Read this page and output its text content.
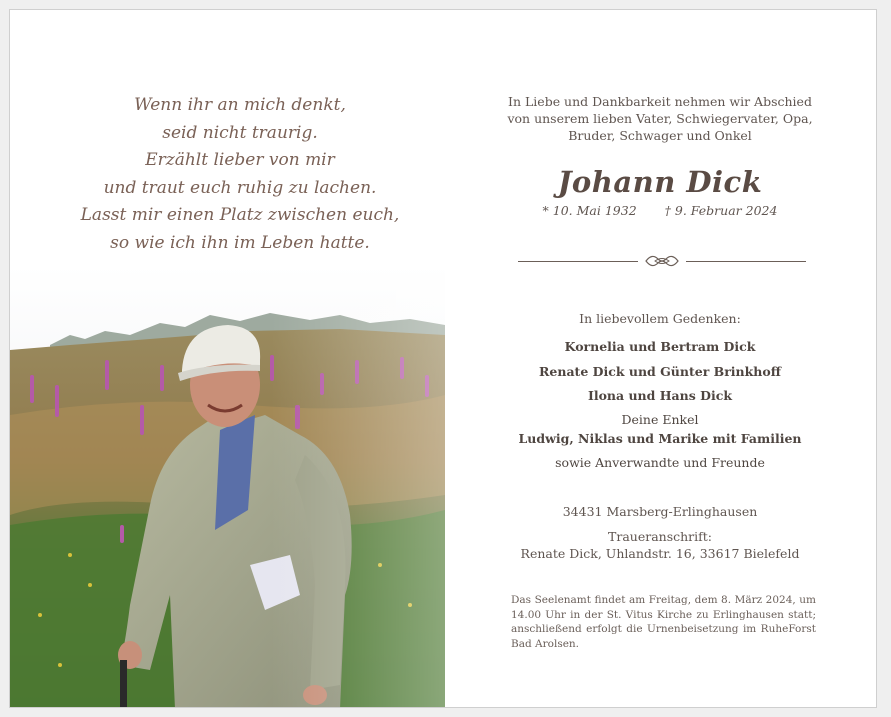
Wenn ihr an mich denkt,
seid nicht traurig.
Erzählt lieber von mir
und traut euch ruhig zu lachen.
Lasst mir einen Platz zwischen euch,
so wie ich ihn im Leben hatte.
In Liebe und Dankbarkeit nehmen wir Abschied
von unserem lieben Vater, Schwiegervater, Opa,
Bruder, Schwager und Onkel
Johann Dick
* 10. Mai 1932 † 9. Februar 2024
In liebevollem Gedenken:
Kornelia und Bertram Dick
Renate Dick und Günter Brinkhoff
Ilona und Hans Dick
Deine Enkel
Ludwig, Niklas und Marike mit Familien
sowie Anverwandte und Freunde
34431 Marsberg-Erlinghausen
Traueranschrift:
Renate Dick, Uhlandstr. 16, 33617 Bielefeld
Das Seelenamt findet am Freitag, dem 8. März 2024, um 14.00 Uhr in der St. Vitus Kirche zu Erlinghausen statt; anschließend erfolgt die Urnenbeisetzung im RuheForst Bad Arolsen.
